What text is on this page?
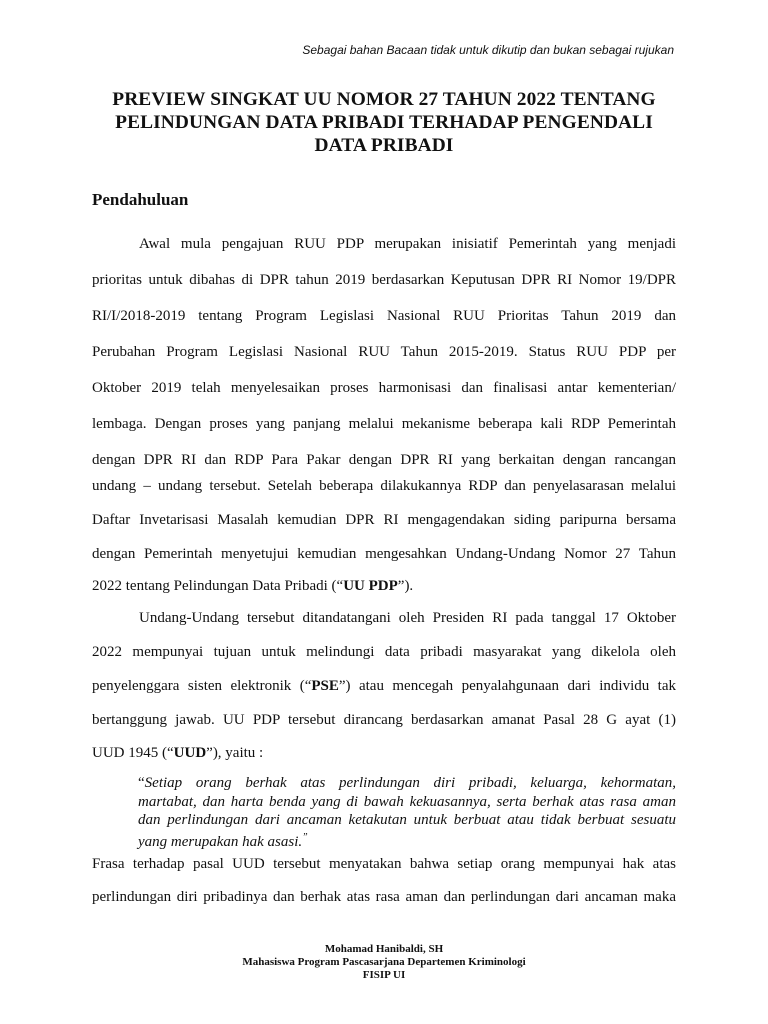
Sebagai bahan Bacaan tidak untuk dikutip dan bukan sebagai rujukan
PREVIEW SINGKAT UU NOMOR 27 TAHUN 2022 TENTANG
PELINDUNGAN DATA PRIBADI TERHADAP PENGENDALI
DATA PRIBADI
Pendahuluan

Awal mula pengajuan RUU PDP merupakan inisiatif Pemerintah yang menjadi

prioritas untuk dibahas di DPR tahun 2019 berdasarkan Keputusan DPR RI Nomor 19/DPR

RI/I/2018-2019 tentang Program Legislasi Nasional RUU Prioritas Tahun 2019 dan

Perubahan Program Legislasi Nasional RUU Tahun 2015-2019. Status RUU PDP per

Oktober 2019 telah menyelesaikan proses harmonisasi dan finalisasi antar kementerian/

lembaga. Dengan proses yang panjang melalui mekanisme beberapa kali RDP Pemerintah

dengan DPR RI dan RDP Para Pakar dengan DPR RI yang berkaitan dengan rancangan

undang – undang tersebut. Setelah beberapa dilakukannya RDP dan penyelasarasan melalui

Daftar Invetarisasi Masalah kemudian DPR RI mengagendakan siding paripurna bersama

dengan Pemerintah menyetujui kemudian mengesahkan Undang-Undang Nomor 27 Tahun

2022 tentang Pelindungan Data Pribadi (“UU PDP”).

Undang-Undang tersebut ditandatangani oleh Presiden RI pada tanggal 17 Oktober

2022 mempunyai tujuan untuk melindungi data pribadi masyarakat yang dikelola oleh

penyelenggara sisten elektronik (“PSE”) atau mencegah penyalahgunaan dari individu tak

bertanggung jawab. UU PDP tersebut dirancang berdasarkan amanat Pasal 28 G ayat (1)

UUD 1945 (“UUD”), yaitu :

“Setiap orang berhak atas perlindungan diri pribadi, keluarga, kehormatan,

martabat, dan harta benda yang di bawah kekuasannya, serta berhak atas rasa aman

dan perlindungan dari ancaman ketakutan untuk berbuat atau tidak berbuat sesuatu

yang merupakan hak asasi.”

Frasa terhadap pasal UUD tersebut menyatakan bahwa setiap orang mempunyai hak atas

perlindungan diri pribadinya dan berhak atas rasa aman dan perlindungan dari ancaman maka

Mohamad Hanibaldi, SH
Mahasiswa Program Pascasarjana Departemen Kriminologi
FISIP UI
